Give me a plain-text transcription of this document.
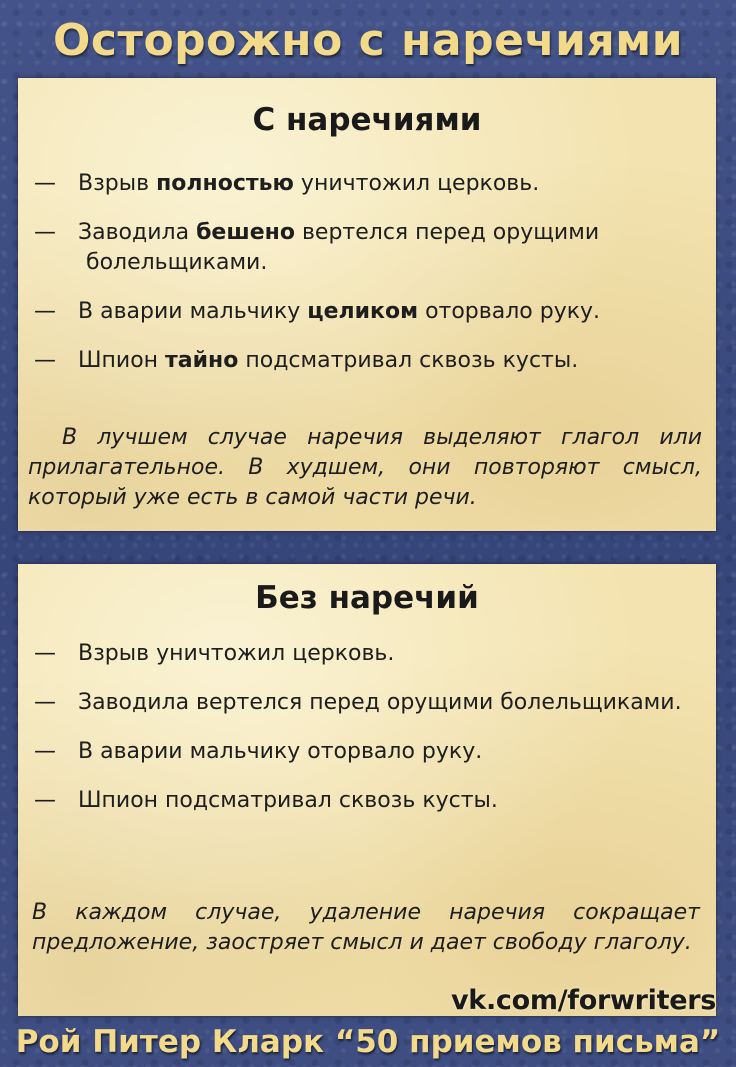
Осторожно с наречиями
С наречиями
— Взрыв полностью уничтожил церковь.
— Заводила бешено вертелся перед орущими болельщиками.
— В аварии мальчику целиком оторвало руку.
— Шпион тайно подсматривал сквозь кусты.

В лучшем случае наречия выделяют глагол или прилагательное. В худшем, они повторяют смысл, который уже есть в самой части речи.

Без наречий
— Взрыв уничтожил церковь.
— Заводила вертелся перед орущими болельщиками.
— В аварии мальчику оторвало руку.
— Шпион подсматривал сквозь кусты.

В каждом случае, удаление наречия сокращает предложение, заостряет смысл и дает свободу глаголу.

vk.com/forwriters
Рой Питер Кларк “50 приемов письма”
